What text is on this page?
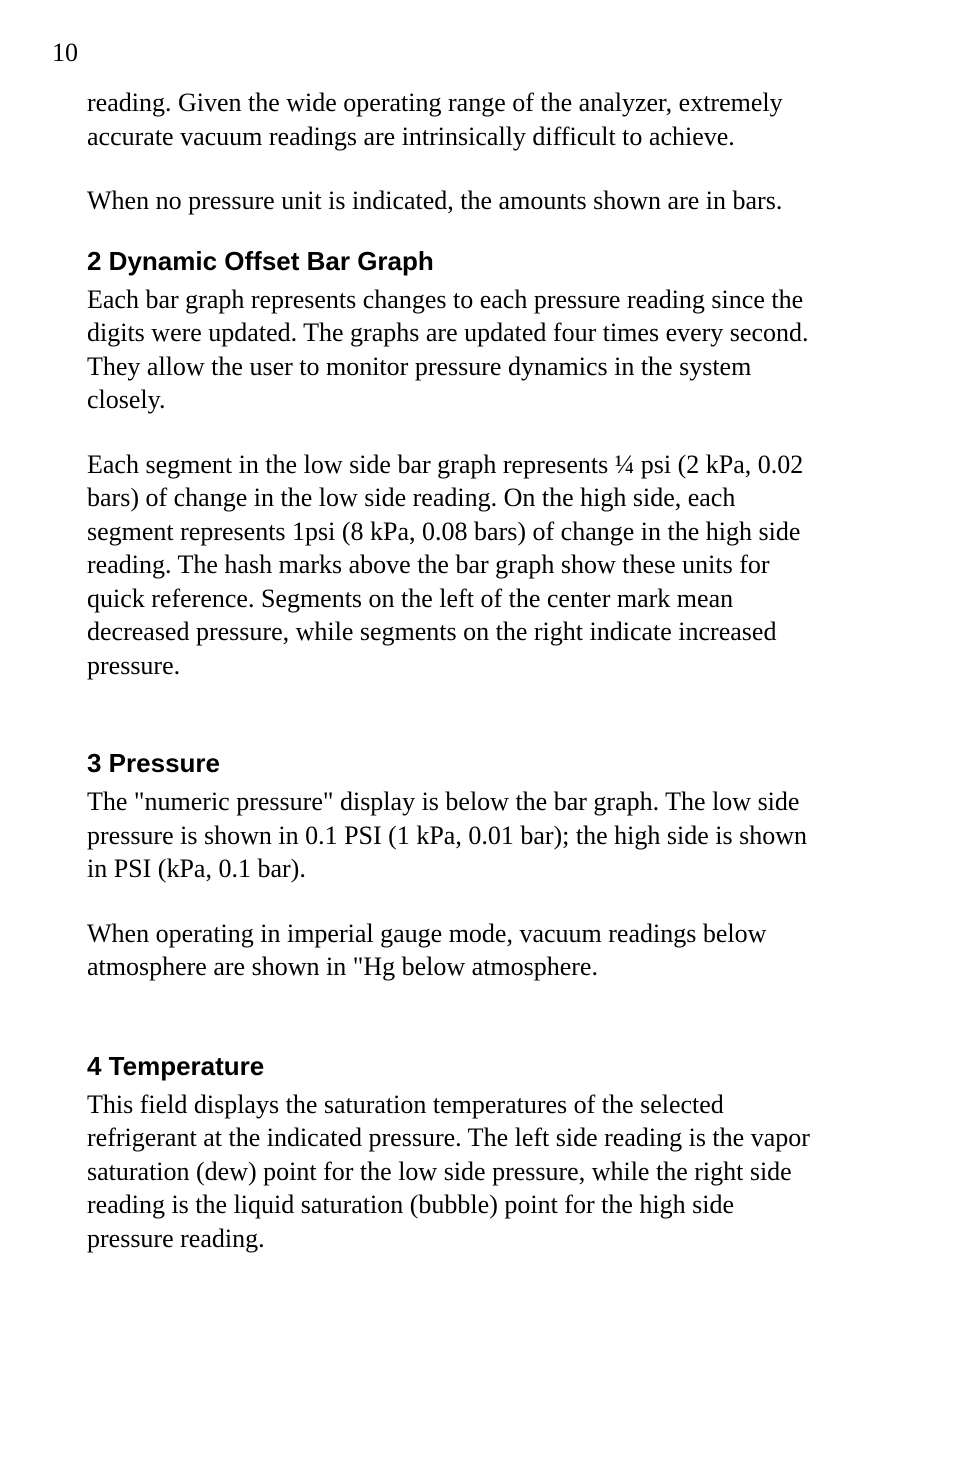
10

reading. Given the wide operating range of the analyzer, extremely
accurate vacuum readings are intrinsically difficult to achieve.

When no pressure unit is indicated, the amounts shown are in bars.

2 Dynamic Offset Bar Graph

Each bar graph represents changes to each pressure reading since the
digits were updated. The graphs are updated four times every second.
They allow the user to monitor pressure dynamics in the system
closely.

Each segment in the low side bar graph represents ¼ psi (2 kPa, 0.02
bars) of change in the low side reading. On the high side, each
segment represents 1psi (8 kPa, 0.08 bars) of change in the high side
reading. The hash marks above the bar graph show these units for
quick reference. Segments on the left of the center mark mean
decreased pressure, while segments on the right indicate increased
pressure.

3 Pressure

The "numeric pressure" display is below the bar graph. The low side
pressure is shown in 0.1 PSI (1 kPa, 0.01 bar); the high side is shown
in PSI (kPa, 0.1 bar).

When operating in imperial gauge mode, vacuum readings below
atmosphere are shown in "Hg below atmosphere.

4 Temperature

This field displays the saturation temperatures of the selected
refrigerant at the indicated pressure. The left side reading is the vapor
saturation (dew) point for the low side pressure, while the right side
reading is the liquid saturation (bubble) point for the high side
pressure reading.
